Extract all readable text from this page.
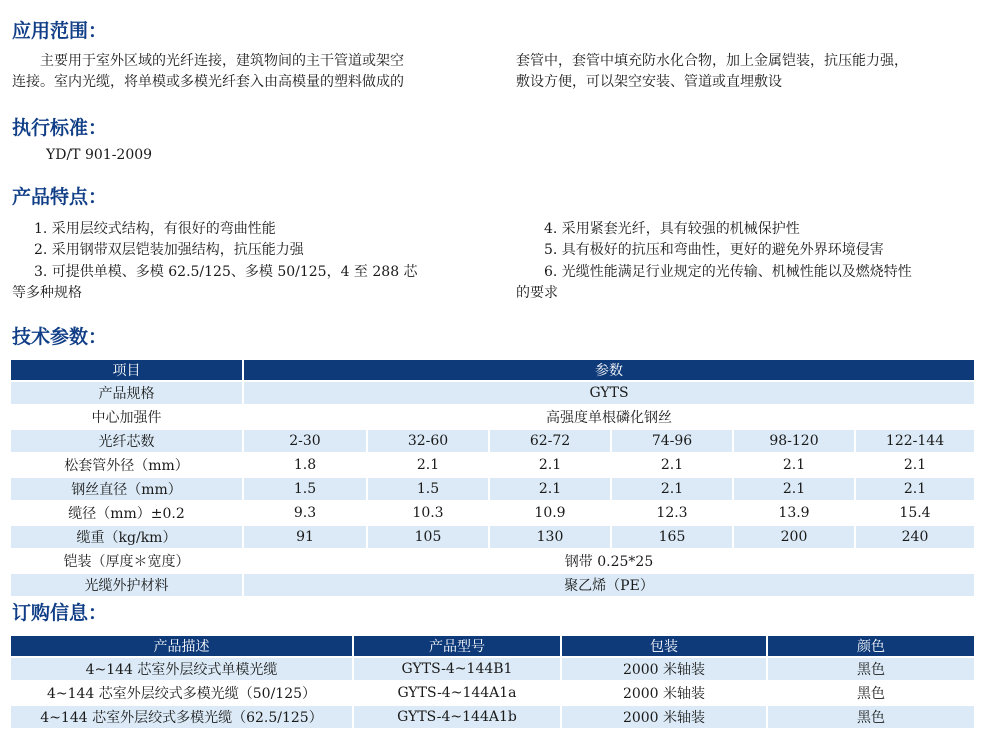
应用范围：
主要用于室外区域的光纤连接，建筑物间的主干管道或架空
连接。室内光缆，将单模或多模光纤套入由高模量的塑料做成的
套管中，套管中填充防水化合物，加上金属铠装，抗压能力强，
敷设方便，可以架空安装、管道或直埋敷设
执行标准：
YD/T 901-2009
产品特点：
1. 采用层绞式结构，有很好的弯曲性能
2. 采用钢带双层铠装加强结构，抗压能力强
3. 可提供单模、多模 62.5/125、多模 50/125，4 至 288 芯
等多种规格
4. 采用紧套光纤，具有较强的机械保护性
5. 具有极好的抗压和弯曲性，更好的避免外界环境侵害
6. 光缆性能满足行业规定的光传输、机械性能以及燃烧特性
的要求
技术参数：
项目	参数					
产品规格	GYTS					
中心加强件	高强度单根磷化钢丝					
光纤芯数	2-30	32-60	62-72	74-96	98-120	122-144
松套管外径（mm）	1.8	2.1	2.1	2.1	2.1	2.1
钢丝直径（mm）	1.5	1.5	2.1	2.1	2.1	2.1
缆径（mm）±0.2	9.3	10.3	10.9	12.3	13.9	15.4
缆重（kg/km）	91	105	130	165	200	240
铠装（厚度＊宽度）	钢带 0.25*25					
光缆外护材料	聚乙烯（PE）					
订购信息：
产品描述	产品型号	包装	颜色
4~144 芯室外层绞式单模光缆	GYTS-4~144B1	2000 米轴装	黑色
4~144 芯室外层绞式多模光缆（50/125）	GYTS-4~144A1a	2000 米轴装	黑色
4~144 芯室外层绞式多模光缆（62.5/125）	GYTS-4~144A1b	2000 米轴装	黑色
